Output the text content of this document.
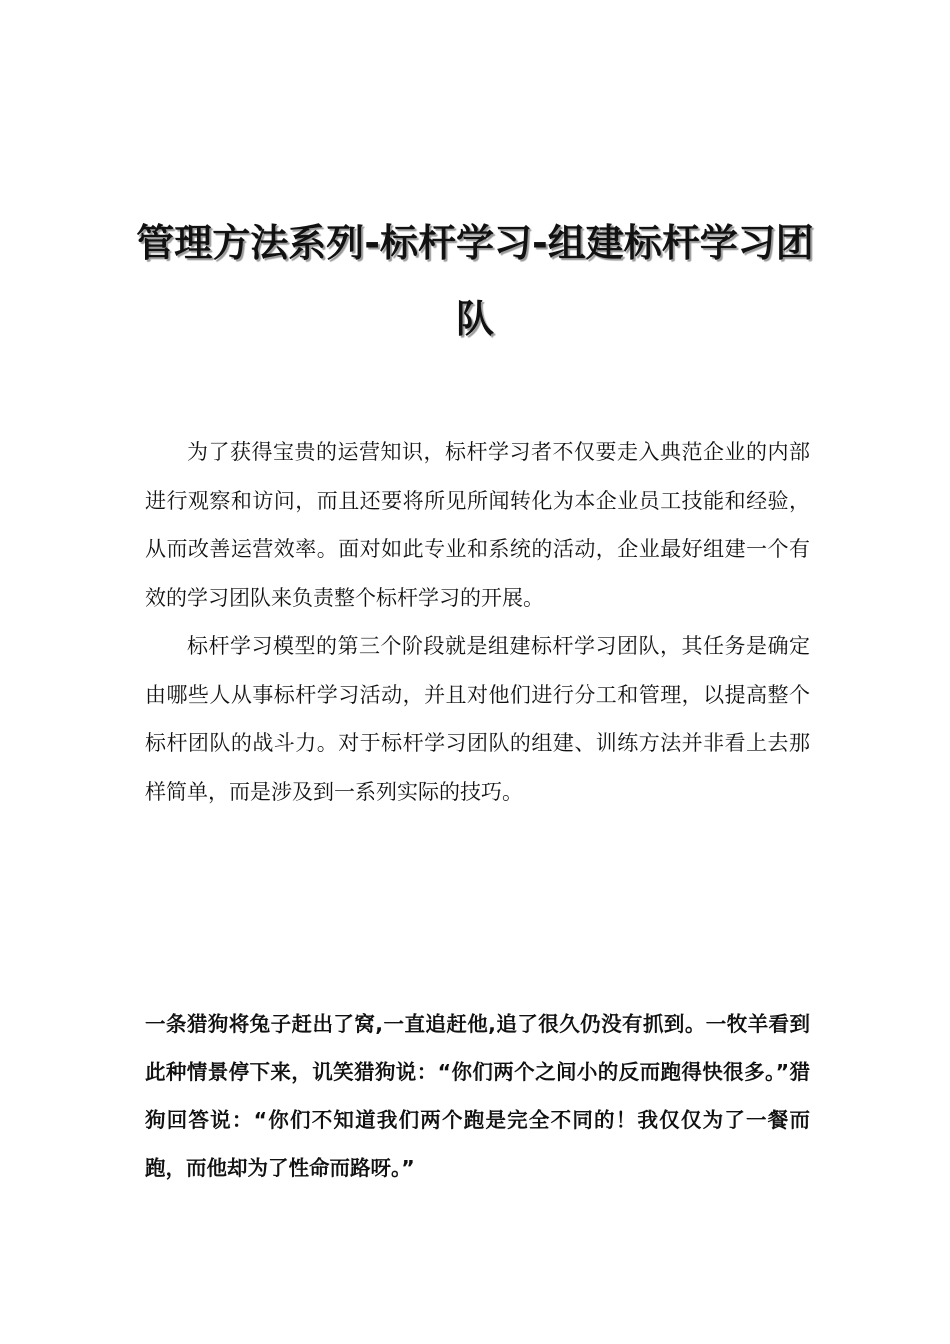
管理方法系列-标杆学习-组建标杆学习团队

为了获得宝贵的运营知识，标杆学习者不仅要走入典范企业的内部进行观察和访问，而且还要将所见所闻转化为本企业员工技能和经验，从而改善运营效率。面对如此专业和系统的活动，企业最好组建一个有效的学习团队来负责整个标杆学习的开展。

标杆学习模型的第三个阶段就是组建标杆学习团队，其任务是确定由哪些人从事标杆学习活动，并且对他们进行分工和管理，以提高整个标杆团队的战斗力。对于标杆学习团队的组建、训练方法并非看上去那样简单，而是涉及到一系列实际的技巧。

一条猎狗将兔子赶出了窝,一直追赶他,追了很久仍没有抓到。一牧羊看到此种情景停下来，讥笑猎狗说：“你们两个之间小的反而跑得快很多。”猎狗回答说：“你们不知道我们两个跑是完全不同的！我仅仅为了一餐而跑，而他却为了性命而路呀。”
